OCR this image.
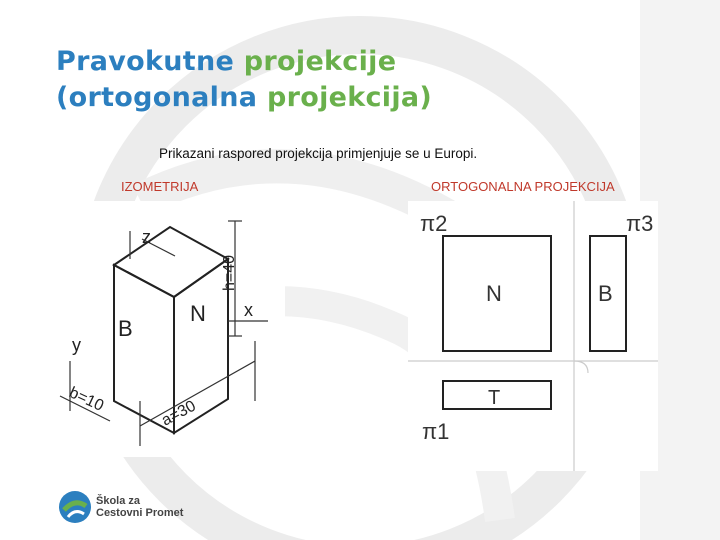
Pravokutne projekcije
(ortogonalna projekcija)
Prikazani raspored projekcija primjenjuje se u Europi.
IZOMETRIJA	ORTOGONALNA PROJEKCIJA
z
x
y
N
B
h=40
b=10	a=30
π2	π3
π1
N	B
T
Škola za
Cestovni Promet
